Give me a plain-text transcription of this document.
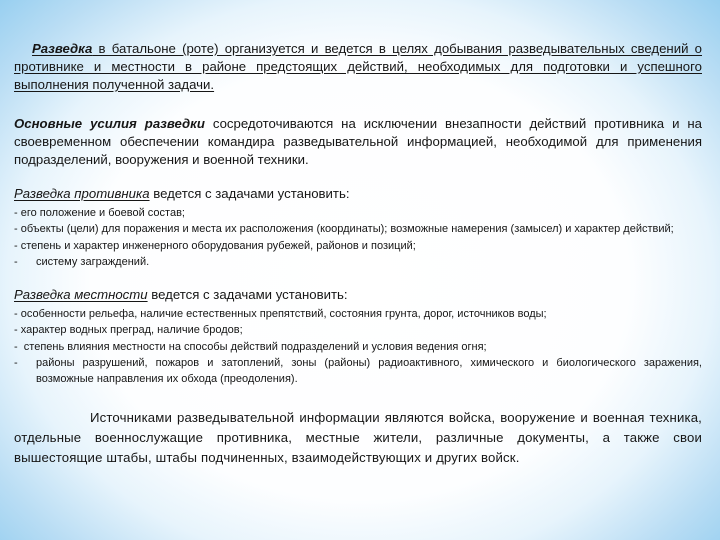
Разведка в батальоне (роте) организуется и ведется в целях добывания разведывательных сведений о противнике и местности в районе предстоящих действий, необходимых для подготовки и успешного выполнения полученной задачи.

Основные усилия разведки сосредоточиваются на исключении внезапности действий противника и на своевременном обеспечении командира разведывательной информацией, необходимой для применения подразделений, вооружения и военной техники.

Разведка противника ведется с задачами установить:

- его положение и боевой состав;
- объекты (цели) для поражения и места их расположения (координаты); возможные намерения (замысел) и характер действий;
- степень и характер инженерного оборудования рубежей, районов и позиций;
- систему заграждений.

Разведка местности ведется с задачами установить:

- особенности рельефа, наличие естественных препятствий, состояния грунта, дорог, источников воды;
- характер водных преград, наличие бродов;
- степень влияния местности на способы действий подразделений и условия ведения огня;
- районы разрушений, пожаров и затоплений, зоны (районы) радиоактивного, химического и биологического заражения, возможные направления их обхода (преодоления).

Источниками разведывательной информации являются войска, вооружение и военная техника, отдельные военнослужащие противника, местные жители, различные документы, а также свои вышестоящие штабы, штабы подчиненных, взаимодействующих и других войск.
